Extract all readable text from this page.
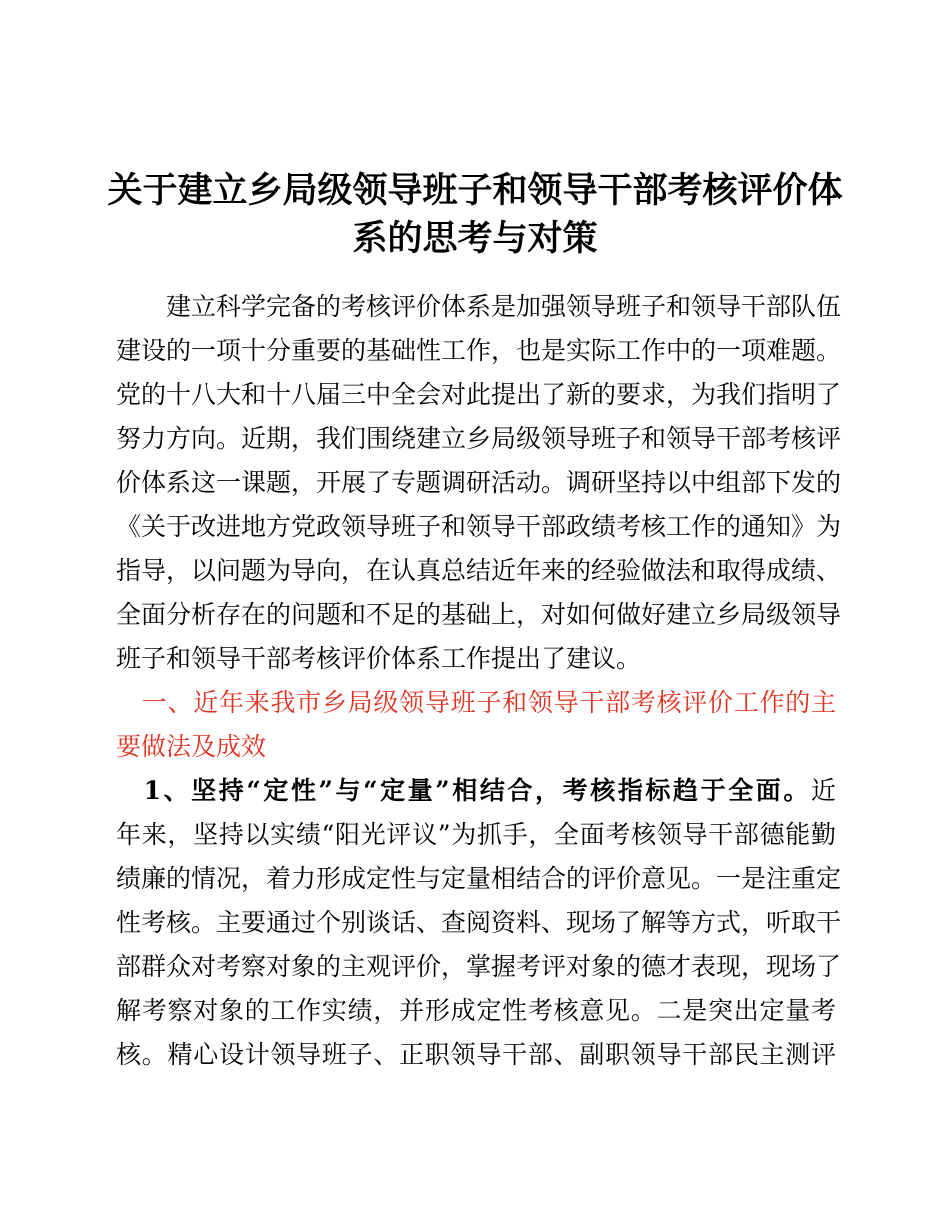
关于建立乡局级领导班子和领导干部考核评价体
系的思考与对策
　　建立科学完备的考核评价体系是加强领导班子和领导干部队伍
建设的一项十分重要的基础性工作，也是实际工作中的一项难题。
党的十八大和十八届三中全会对此提出了新的要求，为我们指明了
努力方向。近期，我们围绕建立乡局级领导班子和领导干部考核评
价体系这一课题，开展了专题调研活动。调研坚持以中组部下发的
《关于改进地方党政领导班子和领导干部政绩考核工作的通知》为
指导，以问题为导向，在认真总结近年来的经验做法和取得成绩、
全面分析存在的问题和不足的基础上，对如何做好建立乡局级领导
班子和领导干部考核评价体系工作提出了建议。
　一、近年来我市乡局级领导班子和领导干部考核评价工作的主
要做法及成效
　1、坚持“定性”与“定量”相结合，考核指标趋于全面。近
年来，坚持以实绩“阳光评议”为抓手，全面考核领导干部德能勤
绩廉的情况，着力形成定性与定量相结合的评价意见。一是注重定
性考核。主要通过个别谈话、查阅资料、现场了解等方式，听取干
部群众对考察对象的主观评价，掌握考评对象的德才表现，现场了
解考察对象的工作实绩，并形成定性考核意见。二是突出定量考
核。精心设计领导班子、正职领导干部、副职领导干部民主测评
